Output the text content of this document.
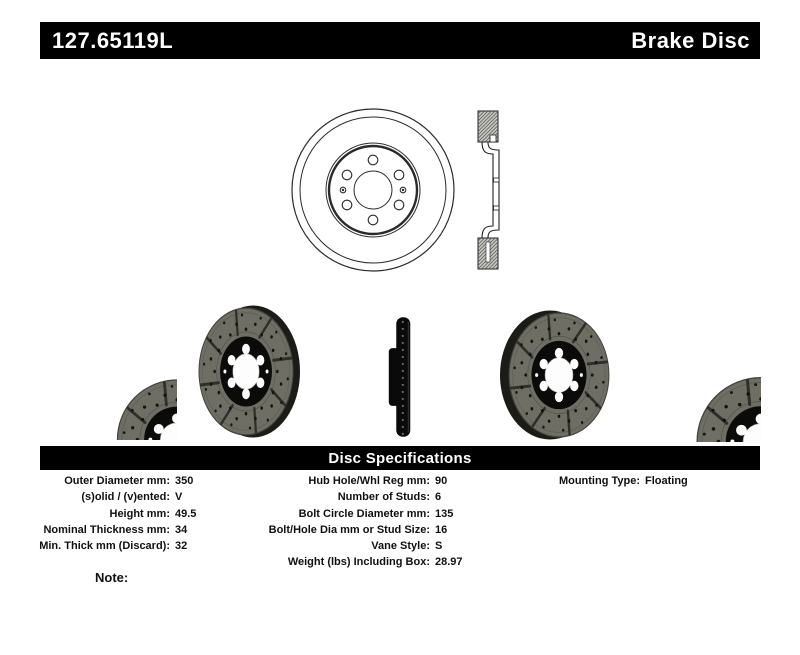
127.65119L	Brake Disc
Disc Specifications
Outer Diameter mm: 350
(s)olid / (v)ented: V
Height mm: 49.5
Nominal Thickness mm: 34
Min. Thick mm (Discard): 32
Hub Hole/Whl Reg mm: 90
Number of Studs: 6
Bolt Circle Diameter mm: 135
Bolt/Hole Dia mm or Stud Size: 16
Vane Style: S
Weight (lbs) Including Box: 28.97
Mounting Type: Floating
Note:
